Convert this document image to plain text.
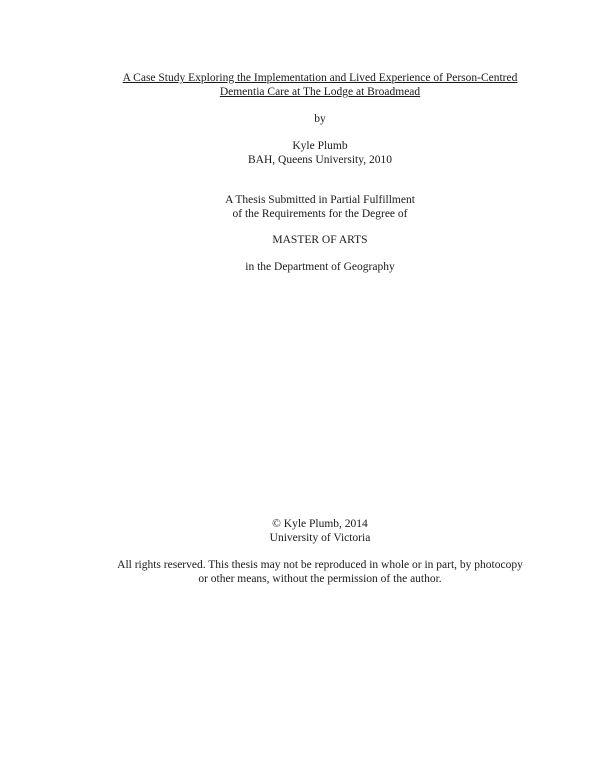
A Case Study Exploring the Implementation and Lived Experience of Person-Centred
Dementia Care at The Lodge at Broadmead
by
Kyle Plumb
BAH, Queens University, 2010
A Thesis Submitted in Partial Fulfillment
of the Requirements for the Degree of
MASTER OF ARTS
in the Department of Geography
© Kyle Plumb, 2014
University of Victoria
All rights reserved. This thesis may not be reproduced in whole or in part, by photocopy
or other means, without the permission of the author.
